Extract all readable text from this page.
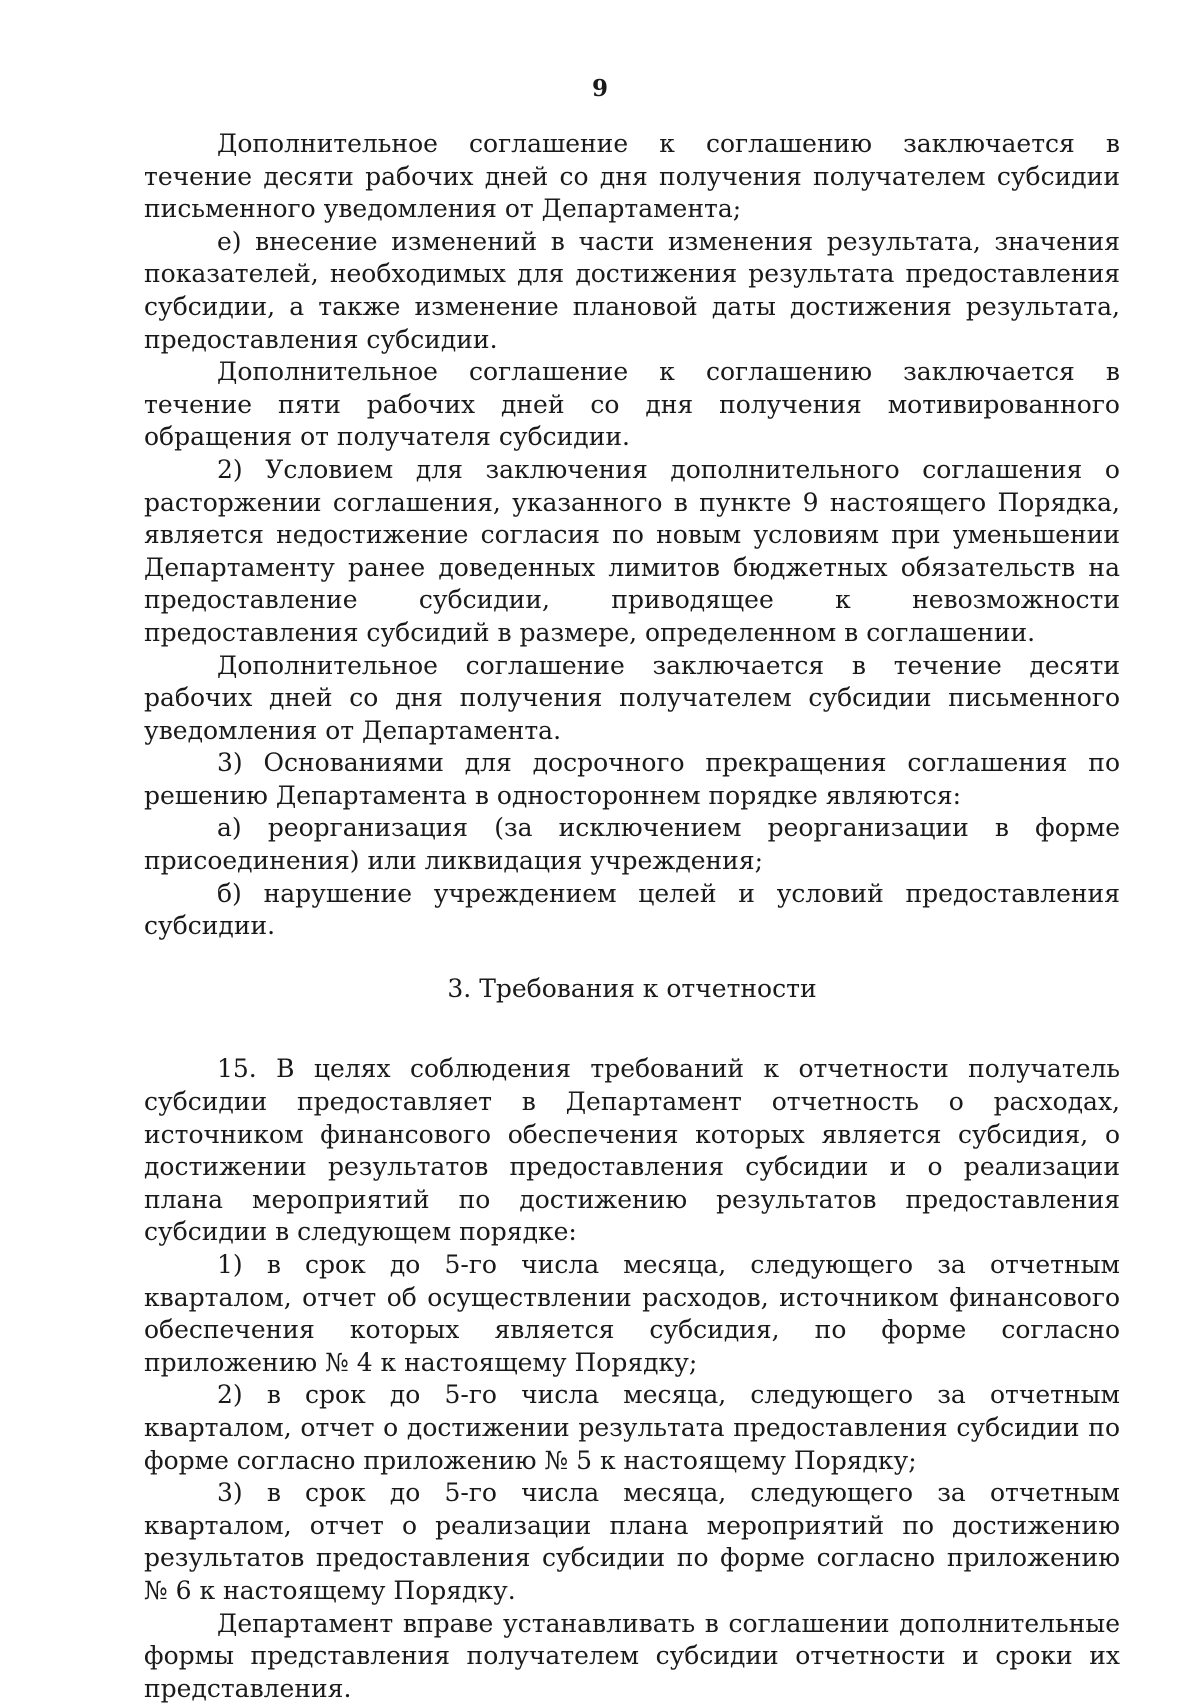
9

Дополнительное соглашение к соглашению заключается в течение десяти рабочих дней со дня получения получателем субсидии письменного уведомления от Департамента;

е) внесение изменений в части изменения результата, значения показателей, необходимых для достижения результата предоставления субсидии, а также изменение плановой даты достижения результата, предоставления субсидии.

Дополнительное соглашение к соглашению заключается в течение пяти рабочих дней со дня получения мотивированного обращения от получателя субсидии.

2) Условием для заключения дополнительного соглашения о расторжении соглашения, указанного в пункте 9 настоящего Порядка, является недостижение согласия по новым условиям при уменьшении Департаменту ранее доведенных лимитов бюджетных обязательств на предоставление субсидии, приводящее к невозможности предоставления субсидий в размере, определенном в соглашении.

Дополнительное соглашение заключается в течение десяти рабочих дней со дня получения получателем субсидии письменного уведомления от Департамента.

3) Основаниями для досрочного прекращения соглашения по решению Департамента в одностороннем порядке являются:

а) реорганизация (за исключением реорганизации в форме присоединения) или ликвидация учреждения;

б) нарушение учреждением целей и условий предоставления субсидии.

3. Требования к отчетности

15. В целях соблюдения требований к отчетности получатель субсидии предоставляет в Департамент отчетность о расходах, источником финансового обеспечения которых является субсидия, о достижении результатов предоставления субсидии и о реализации плана мероприятий по достижению результатов предоставления субсидии в следующем порядке:

1) в срок до 5-го числа месяца, следующего за отчетным кварталом, отчет об осуществлении расходов, источником финансового обеспечения которых является субсидия, по форме согласно приложению № 4 к настоящему Порядку;

2) в срок до 5-го числа месяца, следующего за отчетным кварталом, отчет о достижении результата предоставления субсидии по форме согласно приложению № 5 к настоящему Порядку;

3) в срок до 5-го числа месяца, следующего за отчетным кварталом, отчет о реализации плана мероприятий по достижению результатов предоставления субсидии по форме согласно приложению № 6 к настоящему Порядку.

Департамент вправе устанавливать в соглашении дополнительные формы представления получателем субсидии отчетности и сроки их представления.
